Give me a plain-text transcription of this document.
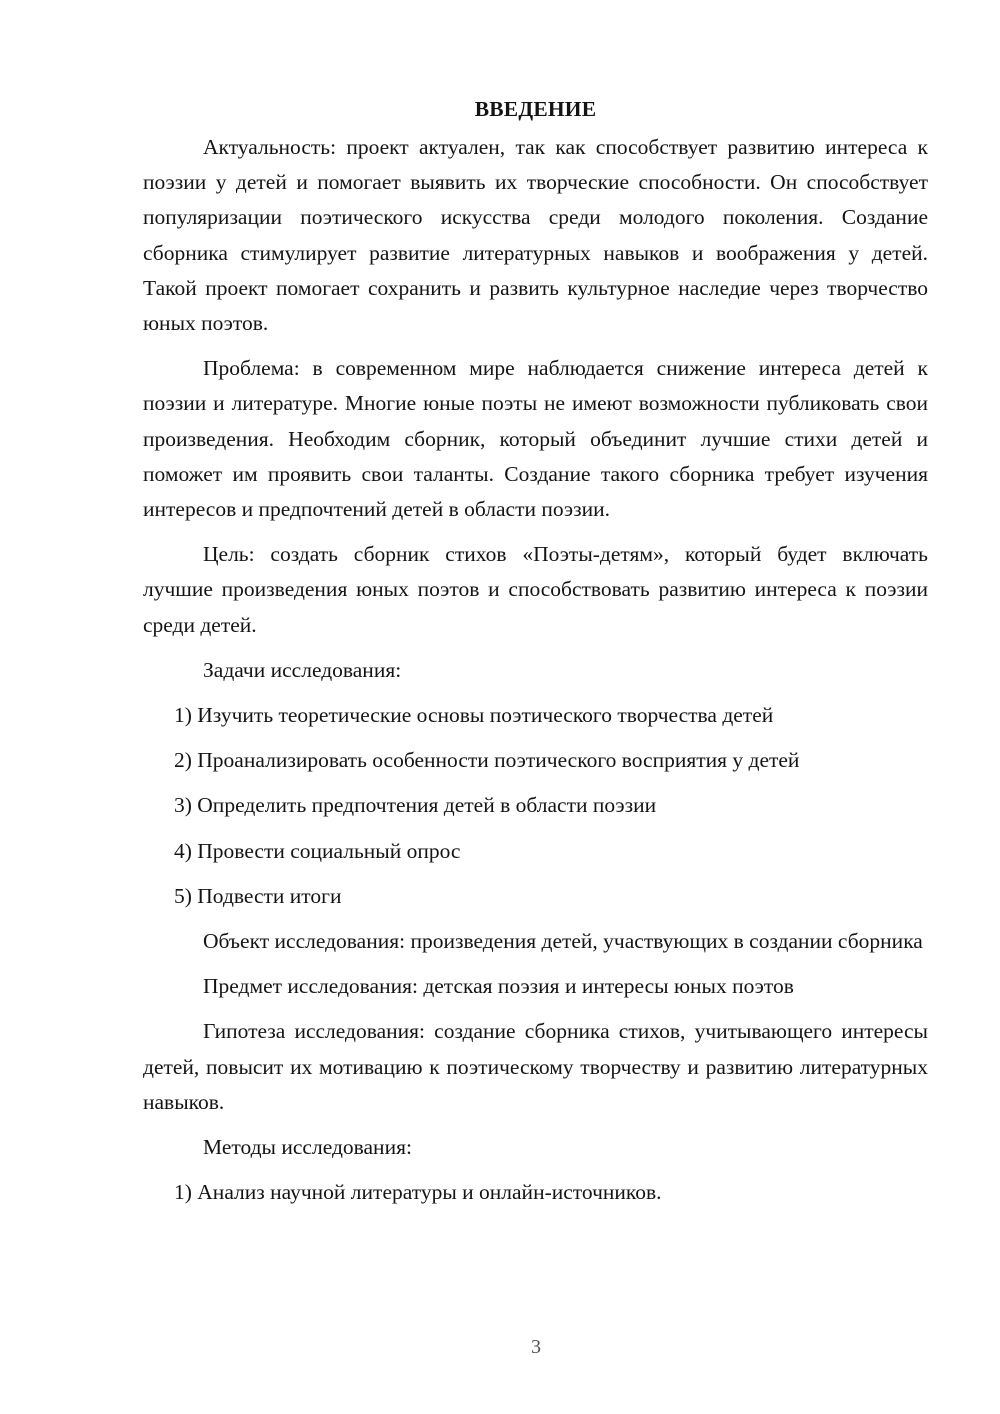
ВВЕДЕНИЕ

Актуальность: проект актуален, так как способствует развитию интереса к поэзии у детей и помогает выявить их творческие способности. Он способствует популяризации поэтического искусства среди молодого поколения. Создание сборника стимулирует развитие литературных навыков и воображения у детей. Такой проект помогает сохранить и развить культурное наследие через творчество юных поэтов.

Проблема: в современном мире наблюдается снижение интереса детей к поэзии и литературе. Многие юные поэты не имеют возможности публиковать свои произведения. Необходим сборник, который объединит лучшие стихи детей и поможет им проявить свои таланты. Создание такого сборника требует изучения интересов и предпочтений детей в области поэзии.

Цель: создать сборник стихов «Поэты-детям», который будет включать лучшие произведения юных поэтов и способствовать развитию интереса к поэзии среди детей.

Задачи исследования:

1) Изучить теоретические основы поэтического творчества детей

2) Проанализировать особенности поэтического восприятия у детей

3) Определить предпочтения детей в области поэзии

4) Провести социальный опрос

5) Подвести итоги

Объект исследования: произведения детей, участвующих в создании сборника

Предмет исследования: детская поэзия и интересы юных поэтов

Гипотеза исследования: создание сборника стихов, учитывающего интересы детей, повысит их мотивацию к поэтическому творчеству и развитию литературных навыков.

Методы исследования:

1) Анализ научной литературы и онлайн-источников.

3
